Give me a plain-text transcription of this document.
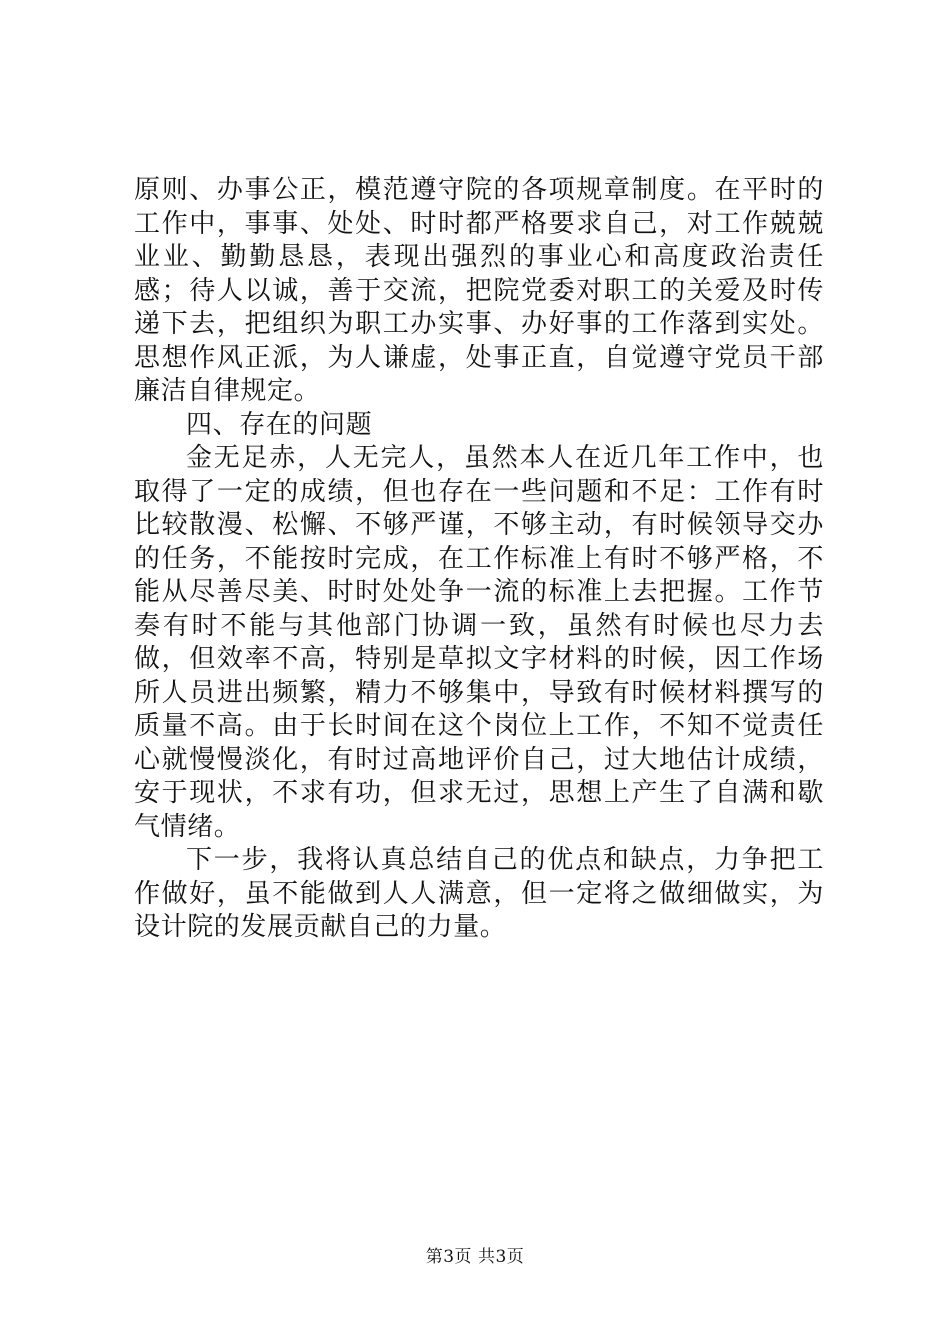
原则、办事公正，模范遵守院的各项规章制度。在平时的工作中，事事、处处、时时都严格要求自己，对工作兢兢业业、勤勤恳恳，表现出强烈的事业心和高度政治责任感；待人以诚，善于交流，把院党委对职工的关爱及时传递下去，把组织为职工办实事、办好事的工作落到实处。思想作风正派，为人谦虚，处事正直，自觉遵守党员干部廉洁自律规定。

四、存在的问题

金无足赤，人无完人，虽然本人在近几年工作中，也取得了一定的成绩，但也存在一些问题和不足：工作有时比较散漫、松懈、不够严谨，不够主动，有时候领导交办的任务，不能按时完成，在工作标准上有时不够严格，不能从尽善尽美、时时处处争一流的标准上去把握。工作节奏有时不能与其他部门协调一致，虽然有时候也尽力去做，但效率不高，特别是草拟文字材料的时候，因工作场所人员进出频繁，精力不够集中，导致有时候材料撰写的质量不高。由于长时间在这个岗位上工作，不知不觉责任心就慢慢淡化，有时过高地评价自己，过大地估计成绩，安于现状，不求有功，但求无过，思想上产生了自满和歇气情绪。

下一步，我将认真总结自己的优点和缺点，力争把工作做好，虽不能做到人人满意，但一定将之做细做实，为设计院的发展贡献自己的力量。

第3页 共3页
